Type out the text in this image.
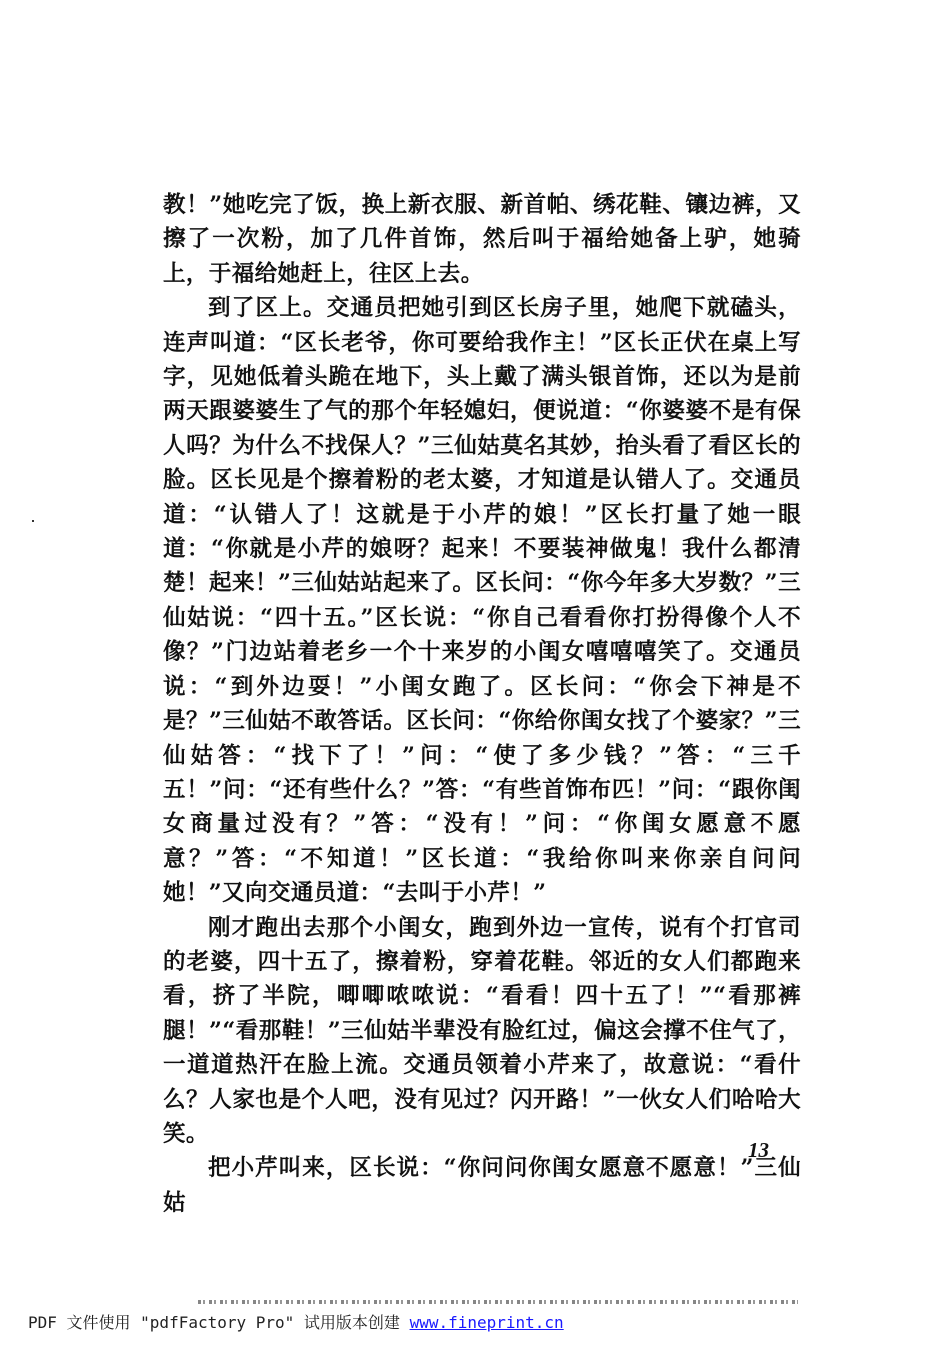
教！”她吃完了饭，换上新衣服、新首帕、绣花鞋、镶边裤，又擦了一次粉，加了几件首饰，然后叫于福给她备上驴，她骑上，于福给她赶上，往区上去。

到了区上。交通员把她引到区长房子里，她爬下就磕头，连声叫道：“区长老爷，你可要给我作主！”区长正伏在桌上写字，见她低着头跪在地下，头上戴了满头银首饰，还以为是前两天跟婆婆生了气的那个年轻媳妇，便说道：“你婆婆不是有保人吗？为什么不找保人？”三仙姑莫名其妙，抬头看了看区长的脸。区长见是个擦着粉的老太婆，才知道是认错人了。交通员道：“认错人了！这就是于小芹的娘！”区长打量了她一眼道：“你就是小芹的娘呀？起来！不要装神做鬼！我什么都清楚！起来！”三仙姑站起来了。区长问：“你今年多大岁数？”三仙姑说：“四十五。”区长说：“你自己看看你打扮得像个人不像？”门边站着老乡一个十来岁的小闺女嘻嘻嘻笑了。交通员说：“到外边耍！”小闺女跑了。区长问：“你会下神是不是？”三仙姑不敢答话。区长问：“你给你闺女找了个婆家？”三仙姑答：“找下了！”问：“使了多少钱？”答：“三千五！”问：“还有些什么？”答：“有些首饰布匹！”问：“跟你闺女商量过没有？”答：“没有！”问：“你闺女愿意不愿意？”答：“不知道！”区长道：“我给你叫来你亲自问问她！”又向交通员道：“去叫于小芹！”

刚才跑出去那个小闺女，跑到外边一宣传，说有个打官司的老婆，四十五了，擦着粉，穿着花鞋。邻近的女人们都跑来看，挤了半院，唧唧哝哝说：“看看！四十五了！”“看那裤腿！”“看那鞋！”三仙姑半辈没有脸红过，偏这会撑不住气了，一道道热汗在脸上流。交通员领着小芹来了，故意说：“看什么？人家也是个人吧，没有见过？闪开路！”一伙女人们哈哈大笑。

把小芹叫来，区长说：“你问问你闺女愿意不愿意！”三仙姑

13
PDF 文件使用 "pdfFactory Pro" 试用版本创建 www.fineprint.cn
